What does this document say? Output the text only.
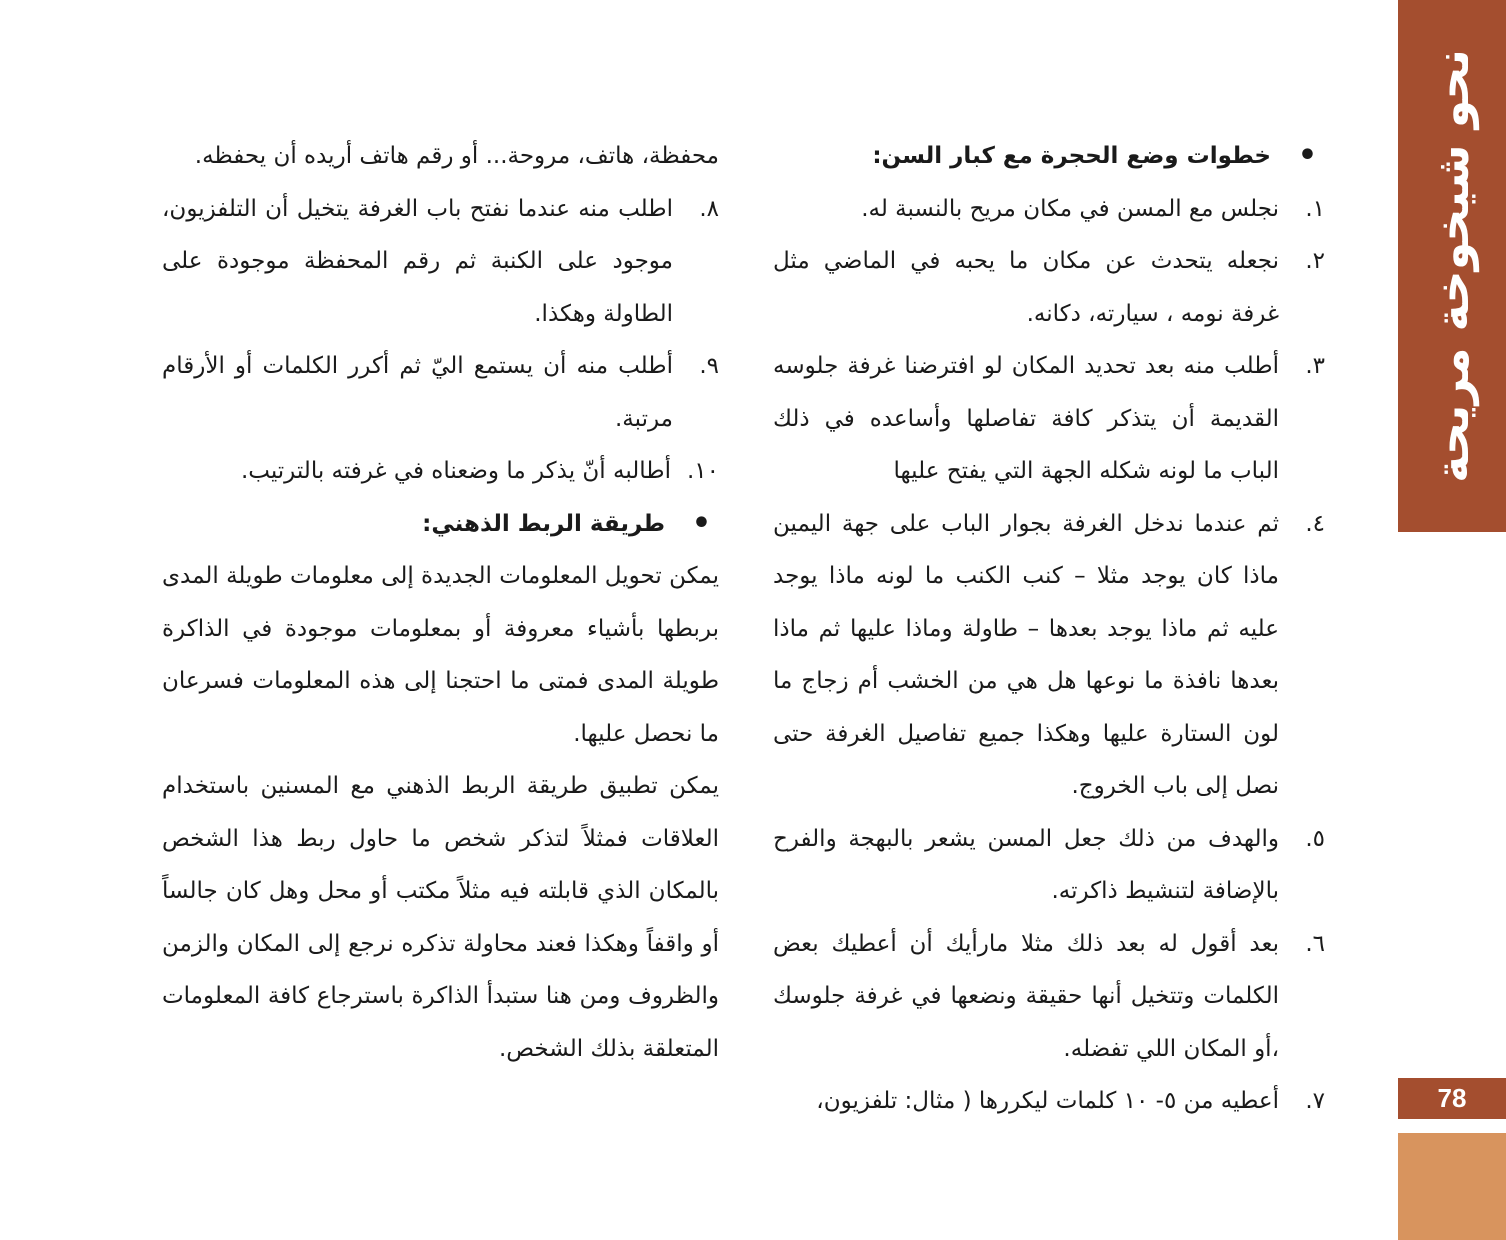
نحو شيخوخة مريحة
78
•
خطوات وضع الحجرة مع كبار السن:
١.
نجلس مع المسن في مكان مريح بالنسبة له.
٢.
نجعله يتحدث عن مكان ما يحبه في الماضي مثل غرفة نومه ، سيارته، دكانه.
٣.
أطلب منه بعد تحديد المكان لو افترضنا غرفة جلوسه القديمة أن يتذكر كافة تفاصلها وأساعده في ذلك الباب ما لونه شكله الجهة التي يفتح عليها
٤.
ثم عندما ندخل الغرفة بجوار الباب على جهة اليمين ماذا كان يوجد مثلا – كنب الكنب ما لونه ماذا يوجد عليه ثم ماذا يوجد بعدها – طاولة وماذا عليها ثم ماذا بعدها نافذة ما نوعها هل هي من الخشب أم زجاج ما لون الستارة عليها وهكذا جميع تفاصيل الغرفة حتى نصل إلى باب الخروج.
٥.
والهدف من ذلك جعل المسن يشعر بالبهجة والفرح بالإضافة لتنشيط ذاكرته.
٦.
بعد أقول له بعد ذلك مثلا مارأيك أن أعطيك بعض الكلمات وتتخيل أنها حقيقة ونضعها في غرفة جلوسك ،أو المكان اللي تفضله.
٧.
أعطيه من ٥- ١٠ كلمات ليكررها ( مثال: تلفزيون،
محفظة، هاتف، مروحة... أو رقم هاتف أريده أن يحفظه.
٨.
اطلب منه عندما نفتح باب الغرفة يتخيل أن التلفزيون، موجود على الكنبة ثم رقم المحفظة موجودة على الطاولة وهكذا.
٩.
أطلب منه أن يستمع اليّ ثم أكرر الكلمات أو الأرقام مرتبة.
١٠.
أطالبه أنّ يذكر ما وضعناه في غرفته بالترتيب.
•
طريقة الربط الذهني:
يمكن تحويل المعلومات الجديدة إلى معلومات طويلة المدى بربطها بأشياء معروفة أو بمعلومات موجودة في الذاكرة طويلة المدى فمتى ما احتجنا إلى هذه المعلومات فسرعان ما نحصل عليها.
يمكن تطبيق طريقة الربط الذهني مع المسنين باستخدام العلاقات فمثلاً لتذكر شخص ما حاول ربط هذا الشخص بالمكان الذي قابلته فيه مثلاً مكتب أو محل وهل كان جالساً أو واقفاً وهكذا فعند محاولة تذكره نرجع إلى المكان والزمن والظروف ومن هنا ستبدأ الذاكرة باسترجاع كافة المعلومات المتعلقة بذلك الشخص.
